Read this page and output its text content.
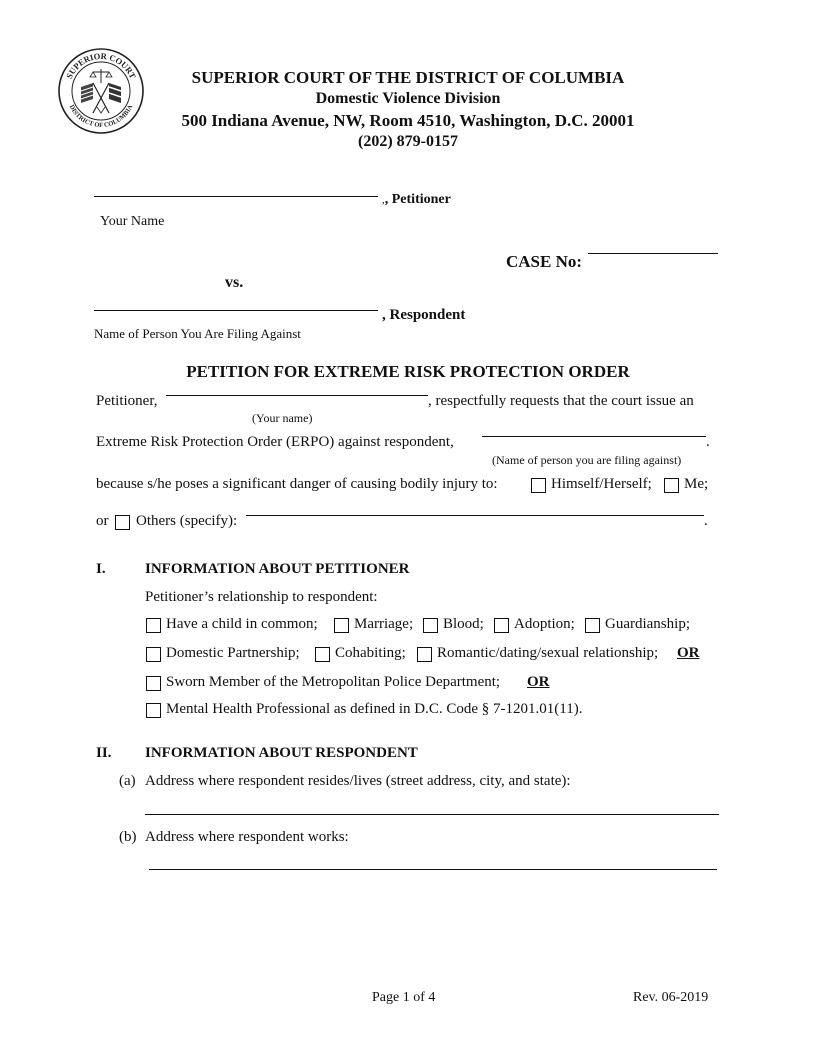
SUPERIOR COURT
DISTRICT OF COLUMBIA
SUPERIOR COURT OF THE DISTRICT OF COLUMBIA
Domestic Violence Division
500 Indiana Avenue, NW, Room 4510, Washington, D.C. 20001
(202) 879-0157
,, Petitioner
Your Name
CASE No:
vs.
, Respondent
Name of Person You Are Filing Against
PETITION FOR EXTREME RISK PROTECTION ORDER
Petitioner,	, respectfully requests that the court issue an
(Your name)
Extreme Risk Protection Order (ERPO) against respondent,	.
(Name of person you are filing against)
because s/he poses a significant danger of causing bodily injury to:	Himself/Herself; Me;
or Others (specify):	.
I.	INFORMATION ABOUT PETITIONER
Petitioner’s relationship to respondent:
Have a child in common; Marriage; Blood; Adoption; Guardianship;
Domestic Partnership; Cohabiting; Romantic/dating/sexual relationship; OR
Sworn Member of the Metropolitan Police Department; OR
Mental Health Professional as defined in D.C. Code § 7-1201.01(11).
II. INFORMATION ABOUT RESPONDENT
(a) Address where respondent resides/lives (street address, city, and state):
(b) Address where respondent works:
Page 1 of 4	Rev. 06-2019
